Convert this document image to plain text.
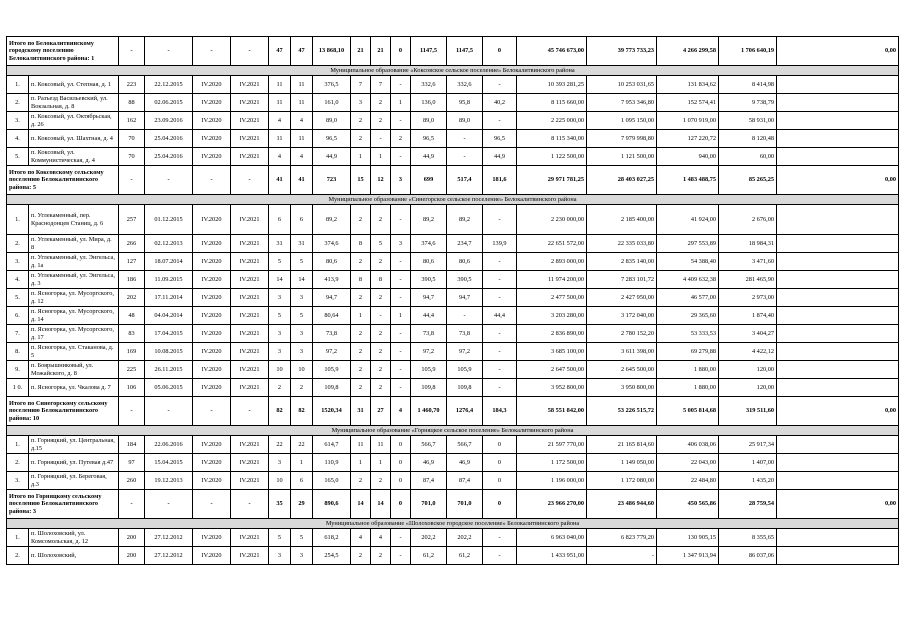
Итого по Белокалитвинскому городскому поселению Белокалитвинского района: 1		-	-	-	-	47	47	13 868,10	21	21	0	1147,5	1147,5	0	45 746 673,00	39 773 733,23	4 266 299,58	1 706 640,19	0,00
Муниципальное образование «Коксовское сельское поселение» Белокалитвинского района																			
1.	п. Коксовый, ул. Степная, д. 1	223	22.12.2015	IV.2020	IV.2021	11	11	376,5	7	7	-	332,6	332,6	-	10 393 281,25	10 253 031,65	131 834,62	8 414,98	
2.	п. Разъезд Васильевский, ул. Вокзальная, д. 8	88	02.06.2015	IV.2020	IV.2021	11	11	161,0	3	2	1	136,0	95,8	40,2	8 115 660,00	7 953 346,80	152 574,41	9 738,79	
3.	п. Коксовый, ул. Октябрьская, д. 26	162	23.09.2016	IV.2020	IV.2021	4	4	89,0	2	2	-	89,0	89,0	-	2 225 000,00	1 095 150,00	1 070 919,00	58 931,00	
4.	п. Коксовый, ул. Шахтная, д. 4	70	25.04.2016	IV.2020	IV.2021	11	11	96,5	2	-	2	96,5	-	96,5	8 115 340,00	7 979 998,80	127 220,72	8 120,48	
5.	п. Коксовый, ул. Коммунистическая, д. 4	70	25.04.2016	IV.2020	IV.2021	4	4	44,9	1	1	-	44,9	-	44,9	1 122 500,00	1 121 500,00	940,00	60,00	
Итого по Коксовскому сельскому поселению Белокалитвинского района: 5		-	-	-	-	41	41	723	15	12	3	699	517,4	181,6	29 971 781,25	28 403 027,25	1 483 488,75	85 265,25	0,00
Муниципальное образование «Синегорское сельское поселение» Белокалитвинского района																			
1.	п. Углекаменный, пер. Краснодонцев Станиц, д. 6	257	01.12.2015	IV.2020	IV.2021	6	6	89,2	2	2	-	89,2	89,2	-	2 230 000,00	2 185 400,00	41 924,00	2 676,00	
2.	п. Углекаменный, ул. Мира, д. 8	266	02.12.2013	IV.2020	IV.2021	31	31	374,6	8	5	3	374,6	234,7	139,9	22 651 572,00	22 335 033,80	297 553,89	18 984,31	
3.	п. Углекаменный, ул. Энгельса, д. 1а	127	18.07.2014	IV.2020	IV.2021	5	5	80,6	2	2	-	80,6	80,6	-	2 893 000,00	2 835 140,00	54 388,40	3 471,60	
4.	п. Углекаменный, ул. Энгельса, д. 3	186	11.09.2015	IV.2020	IV.2021	14	14	413,9	8	8	-	390,5	390,5	-	11 974 200,00	7 283 101,72	4 409 632,38	281 465,90	
5.	п. Ясногорка, ул. Мусоргского, д. 12	202	17.11.2014	IV.2020	IV.2021	3	3	94,7	2	2	-	94,7	94,7	-	2 477 500,00	2 427 950,00	46 577,00	2 973,00	
6.	п. Ясногорка, ул. Мусоргского, д. 14	48	04.04.2014	IV.2020	IV.2021	5	5	80,64	1	-	1	44,4	-	44,4	3 203 280,00	3 172 040,00	29 365,60	1 874,40	
7.	п. Ясногорка, ул. Мусоргского, д. 17	83	17.04.2015	IV.2020	IV.2021	3	3	73,8	2	2	-	73,8	73,8	-	2 836 890,00	2 780 152,20	53 333,53	3 404,27	
8.	п. Ясногорка, ул. Стаканова, д. 5	169	10.08.2015	IV.2020	IV.2021	3	3	97,2	2	2	-	97,2	97,2	-	3 685 100,00	3 611 398,00	69 279,88	4 422,12	
9.	п. Боярышниковый, ул. Можайского, д. 8	225	26.11.2015	IV.2020	IV.2021	10	10	105,9	2	2	-	105,9	105,9	-	2 647 500,00	2 645 500,00	1 880,00	120,00	
1 0.	п. Ясногорка, ул. Чкалова д. 7	106	05.06.2015	IV.2020	IV.2021	2	2	109,8	2	2	-	109,8	109,8	-	3 952 800,00	3 950 800,00	1 880,00	120,00	
Итого по Синегорскому сельскому поселению Белокалитвинского района: 10		-	-	-	-	82	82	1520,34	31	27	4	1 460,70	1276,4	184,3	58 551 842,00	53 226 515,72	5 005 814,68	319 511,60	0,00
Муниципальное образование «Горняцкое сельское поселение» Белокалитвинского района																			
1.	п. Горняцкий, ул. Центральная, д.15	184	22.06.2016	IV.2020	IV.2021	22	22	614,7	11	11	0	566,7	566,7	0	21 597 770,00	21 165 814,60	406 038,06	25 917,34	
2.	п. Горняцкий, ул. Путевая д.47	97	15.04.2015	IV.2020	IV.2021	3	1	110,9	1	1	0	46,9	46,9	0	1 172 500,00	1 149 050,00	22 043,00	1 407,00	
3.	п. Горняцкий, ул. Береговая, д.3	260	19.12.2013	IV.2020	IV.2021	10	6	165,0	2	2	0	87,4	87,4	0	1 196 000,00	1 172 080,00	22 484,80	1 435,20	
Итого по Горняцкому сельскому поселению Белокалитвинского района: 3		-	-	-	-	35	29	890,6	14	14	0	701,0	701,0	0	23 966 270,00	23 486 944,60	450 565,86	28 759,54	0,00
Муниципальное образование «Шолоховское городское поселение» Белокалитвинского района																			
1.	п. Шолоховский, ул. Комсомольская, д. 12	200	27.12.2012	IV.2020	IV.2021	5	5	618,2	4	4	-	202,2	202,2	-	6 963 040,00	6 823 779,20	130 905,15	8 355,65	
2.	п. Шолоховский,	200	27.12.2012	IV.2020	IV.2021	3	3	254,5	2	2	-	61,2	61,2	-	1 433 951,00	-	1 347 913,94	86 037,06	
